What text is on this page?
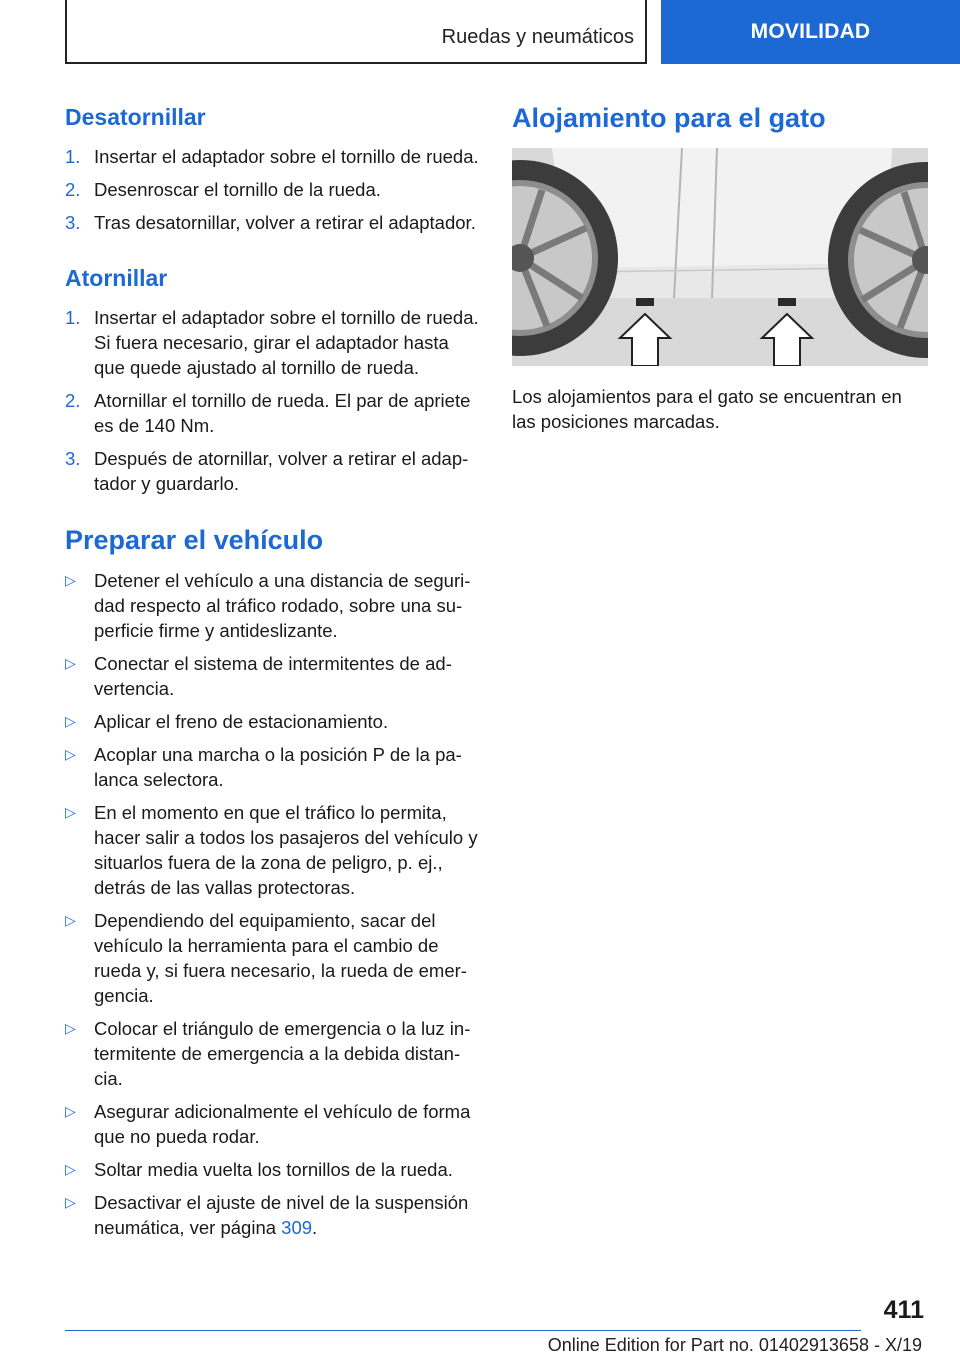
Ruedas y neumáticos	MOVILIDAD
Desatornillar
1. Insertar el adaptador sobre el tornillo de rueda.
2. Desenroscar el tornillo de la rueda.
3. Tras desatornillar, volver a retirar el adaptador.
Atornillar
1. Insertar el adaptador sobre el tornillo de rueda. Si fuera necesario, girar el adaptador hasta que quede ajustado al tornillo de rueda.
2. Atornillar el tornillo de rueda. El par de apriete es de 140 Nm.
3. Después de atornillar, volver a retirar el adaptador y guardarlo.
Preparar el vehículo
▷ Detener el vehículo a una distancia de seguridad respecto al tráfico rodado, sobre una superficie firme y antideslizante.
▷ Conectar el sistema de intermitentes de advertencia.
▷ Aplicar el freno de estacionamiento.
▷ Acoplar una marcha o la posición P de la palanca selectora.
▷ En el momento en que el tráfico lo permita, hacer salir a todos los pasajeros del vehículo y situarlos fuera de la zona de peligro, p. ej., detrás de las vallas protectoras.
▷ Dependiendo del equipamiento, sacar del vehículo la herramienta para el cambio de rueda y, si fuera necesario, la rueda de emergencia.
▷ Colocar el triángulo de emergencia o la luz intermitente de emergencia a la debida distancia.
▷ Asegurar adicionalmente el vehículo de forma que no pueda rodar.
▷ Soltar media vuelta los tornillos de la rueda.
▷ Desactivar el ajuste de nivel de la suspensión neumática, ver página 309.
Alojamiento para el gato

Los alojamientos para el gato se encuentran en las posiciones marcadas.

411
Online Edition for Part no. 01402913658 - X/19
